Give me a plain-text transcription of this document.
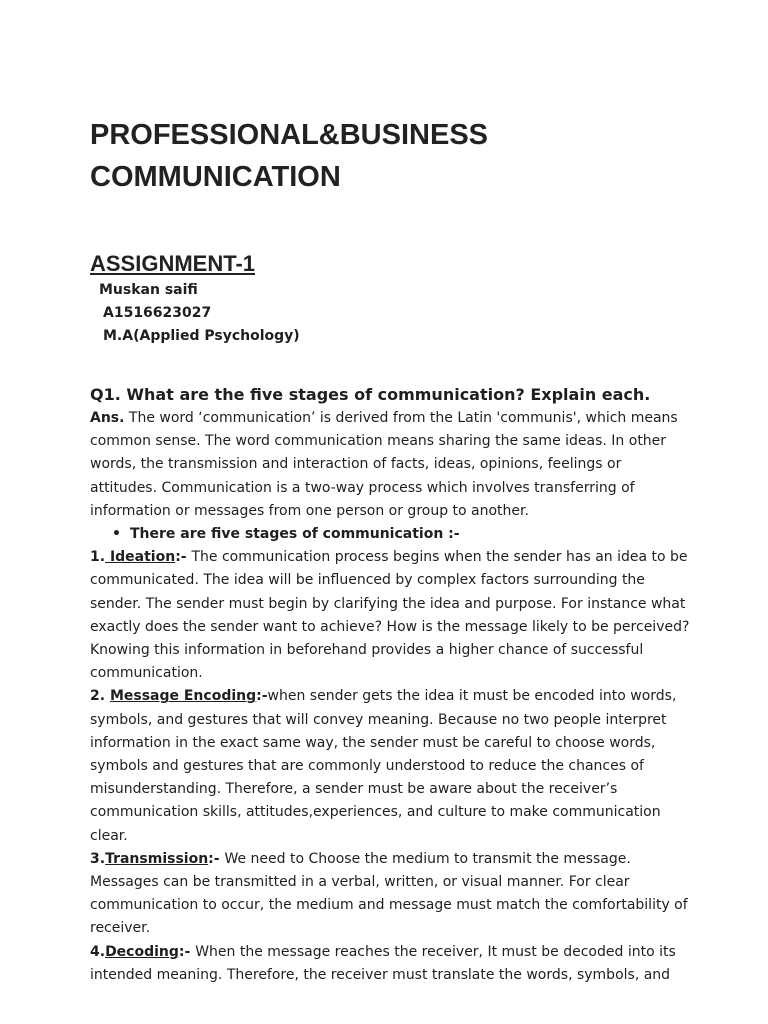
PROFESSIONAL&BUSINESS
COMMUNICATION
ASSIGNMENT-1
Muskan saifi
A1516623027
M.A(Applied Psychology)
Q1. What are the five stages of communication? Explain each.

Ans. The word ‘communication’ is derived from the Latin 'communis', which means common sense. The word communication means sharing the same ideas. In other words, the transmission and interaction of facts, ideas, opinions, feelings or attitudes. Communication is a two-way process which involves transferring of information or messages from one person or group to another.

• There are five stages of communication :-

1. Ideation:- The communication process begins when the sender has an idea to be communicated. The idea will be influenced by complex factors surrounding the sender. The sender must begin by clarifying the idea and purpose. For instance what exactly does the sender want to achieve? How is the message likely to be perceived? Knowing this information in beforehand provides a higher chance of successful communication.

2. Message Encoding:-when sender gets the idea it must be encoded into words, symbols, and gestures that will convey meaning. Because no two people interpret information in the exact same way, the sender must be careful to choose words, symbols and gestures that are commonly understood to reduce the chances of misunderstanding. Therefore, a sender must be aware about the receiver’s communication skills, attitudes,experiences, and culture to make communication clear.

3.Transmission:- We need to Choose the medium to transmit the message. Messages can be transmitted in a verbal, written, or visual manner. For clear communication to occur, the medium and message must match the comfortability of receiver.

4.Decoding:- When the message reaches the receiver, It must be decoded into its intended meaning. Therefore, the receiver must translate the words, symbols, and
